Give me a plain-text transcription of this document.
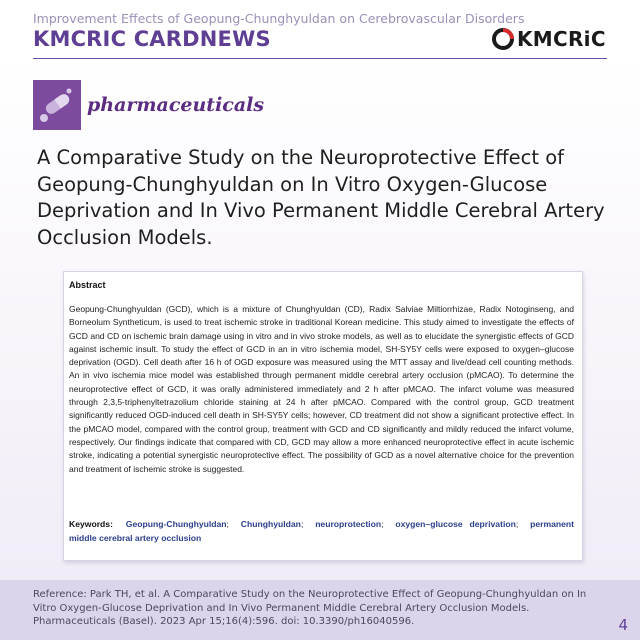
Improvement Effects of Geopung-Chunghyuldan on Cerebrovascular Disorders
KMCRIC CARDNEWS	KMCRiC
pharmaceuticals
A Comparative Study on the Neuroprotective Effect of Geopung-Chunghyuldan on In Vitro Oxygen-Glucose Deprivation and In Vivo Permanent Middle Cerebral Artery Occlusion Models.
Abstract
Geopung-Chunghyuldan (GCD), which is a mixture of Chunghyuldan (CD), Radix Salviae Miltiorrhizae, Radix Notoginseng, and Borneolum Syntheticum, is used to treat ischemic stroke in traditional Korean medicine. This study aimed to investigate the effects of GCD and CD on ischemic brain damage using in vitro and in vivo stroke models, as well as to elucidate the synergistic effects of GCD against ischemic insult. To study the effect of GCD in an in vitro ischemia model, SH-SY5Y cells were exposed to oxygen–glucose deprivation (OGD). Cell death after 16 h of OGD exposure was measured using the MTT assay and live/dead cell counting methods. An in vivo ischemia mice model was established through permanent middle cerebral artery occlusion (pMCAO). To determine the neuroprotective effect of GCD, it was orally administered immediately and 2 h after pMCAO. The infarct volume was measured through 2,3,5-triphenyltetrazolium chloride staining at 24 h after pMCAO. Compared with the control group, GCD treatment significantly reduced OGD-induced cell death in SH-SY5Y cells; however, CD treatment did not show a significant protective effect. In the pMCAO model, compared with the control group, treatment with GCD and CD significantly and mildly reduced the infarct volume, respectively. Our findings indicate that compared with CD, GCD may allow a more enhanced neuroprotective effect in acute ischemic stroke, indicating a potential synergistic neuroprotective effect. The possibility of GCD as a novel alternative choice for the prevention and treatment of ischemic stroke is suggested.
Keywords: Geopung-Chunghyuldan; Chunghyuldan; neuroprotection; oxygen–glucose deprivation; permanent middle cerebral artery occlusion
Reference: Park TH, et al. A Comparative Study on the Neuroprotective Effect of Geopung-Chunghyuldan on In Vitro Oxygen-Glucose Deprivation and In Vivo Permanent Middle Cerebral Artery Occlusion Models. Pharmaceuticals (Basel). 2023 Apr 15;16(4):596. doi: 10.3390/ph16040596.	4
